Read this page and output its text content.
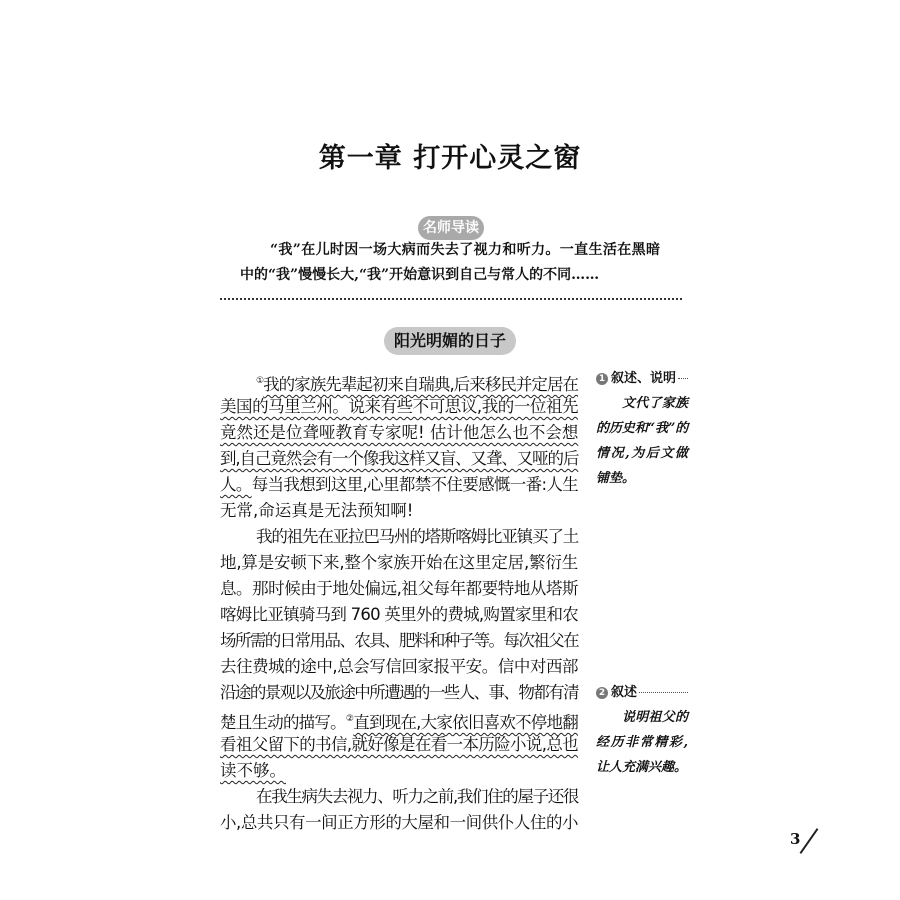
第一章 打开心灵之窗
名师导读
“我”在儿时因一场大病而失去了视力和听力。一直生活在黑暗
中的“我”慢慢长大,“我”开始意识到自己与常人的不同……
阳光明媚的日子
①我的家族先辈起初来自瑞典,后来移民并定居在
美国的马里兰州。说来有些不可思议,我的一位祖先
竟然还是位聋哑教育专家呢! 估计他怎么也不会想
到,自己竟然会有一个像我这样又盲、又聋、又哑的后
人。每当我想到这里,心里都禁不住要感慨一番:人生
无常,命运真是无法预知啊!
我的祖先在亚拉巴马州的塔斯喀姆比亚镇买了土
地,算是安顿下来,整个家族开始在这里定居,繁衍生
息。那时候由于地处偏远,祖父每年都要特地从塔斯
喀姆比亚镇骑马到 760 英里外的费城,购置家里和农
场所需的日常用品、农具、肥料和种子等。每次祖父在
去往费城的途中,总会写信回家报平安。信中对西部
沿途的景观以及旅途中所遭遇的一些人、事、物都有清
楚且生动的描写。②直到现在,大家依旧喜欢不停地翻
看祖父留下的书信,就好像是在看一本历险小说,总也
读不够。
在我生病失去视力、听力之前,我们住的屋子还很
小,总共只有一间正方形的大屋和一间供仆人住的小
1 叙述、说明
文代了家族
的历史和“我”的
情况,为后文做
铺垫。
2 叙述
说明祖父的
经历非常精彩,
让人充满兴趣。
3
